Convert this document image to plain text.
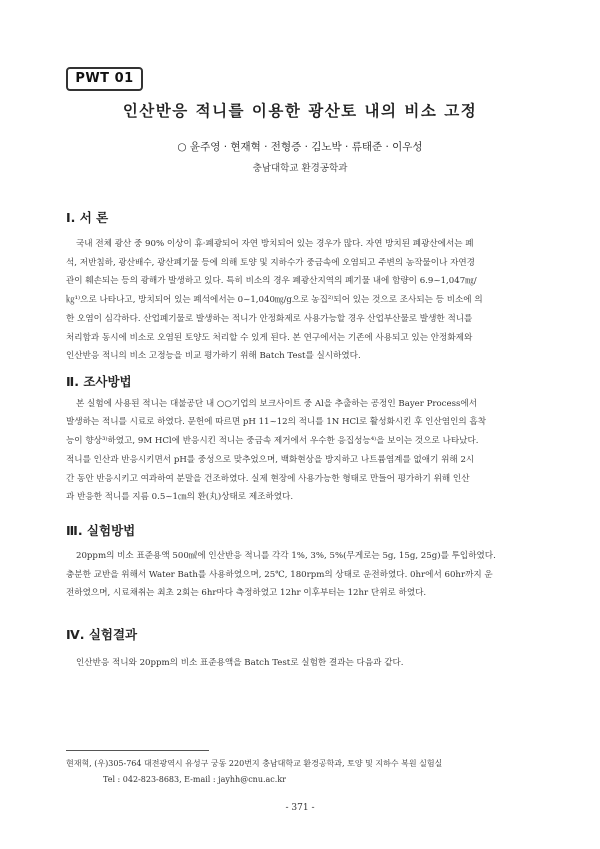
PWT 01
인산반응 적니를 이용한 광산토 내의 비소 고정
○ 윤주영 · 현재혁 · 전형증 · 김노박 · 류태준 · 이우성
충남대학교 환경공학과
Ⅰ. 서 론
국내 전체 광산 중 90% 이상이 휴·폐광되어 자연 방치되어 있는 경우가 많다. 자연 방치된 폐광산에서는 폐
석, 저반침하, 광산배수, 광산폐기물 등에 의해 토양 및 지하수가 중금속에 오염되고 주변의 농작물이나 자연경
관이 훼손되는 등의 광해가 발생하고 있다. 특히 비소의 경우 폐광산지역의 폐기물 내에 함량이 6.9~1,047㎎/
㎏¹⁾으로 나타나고, 방치되어 있는 폐석에서는 0~1,040㎎/g으로 농집²⁾되어 있는 것으로 조사되는 등 비소에 의
한 오염이 심각하다. 산업폐기물로 발생하는 적니가 안정화제로 사용가능할 경우 산업부산물로 발생한 적니를
처리함과 동시에 비소로 오염된 토양도 처리할 수 있게 된다. 본 연구에서는 기존에 사용되고 있는 안정화제와
인산반응 적니의 비소 고정능을 비교 평가하기 위해 Batch Test를 실시하였다.
Ⅱ. 조사방법
본 실험에 사용된 적니는 대불공단 내 ○○기업의 보크사이트 중 Al을 추출하는 공정인 Bayer Process에서
발생하는 적니를 시료로 하였다. 문헌에 따르면 pH 11~12의 적니를 1N HCl로 활성화시킨 후 인산염인의 흡착
능이 향상³⁾하였고, 9M HCl에 반응시킨 적니는 중금속 제거에서 우수한 응집성능⁴⁾을 보이는 것으로 나타났다.
적니를 인산과 반응시키면서 pH를 중성으로 맞추었으며, 백화현상을 방지하고 나트륨염계를 없애기 위해 2시
간 동안 반응시키고 여과하여 분말을 건조하였다. 실제 현장에 사용가능한 형태로 만들어 평가하기 위해 인산
과 반응한 적니를 지름 0.5~1㎝의 환(丸)상태로 제조하였다.
Ⅲ. 실험방법
20ppm의 비소 표준용액 500㎖에 인산반응 적니를 각각 1%, 3%, 5%(무게로는 5g, 15g, 25g)를 투입하였다.
충분한 교반을 위해서 Water Bath를 사용하였으며, 25℃, 180rpm의 상태로 운전하였다. 0hr에서 60hr까지 운
전하였으며, 시료채취는 최초 2회는 6hr마다 측정하였고 12hr 이후부터는 12hr 단위로 하였다.
Ⅳ. 실험결과
인산반응 적니와 20ppm의 비소 표준용액을 Batch Test로 실험한 결과는 다음과 같다.
현재혁, (우)305-764 대전광역시 유성구 궁동 220번지 충남대학교 환경공학과, 토양 및 지하수 복원 실험실
Tel : 042-823-8683, E-mail : jayhh@cnu.ac.kr
- 371 -
